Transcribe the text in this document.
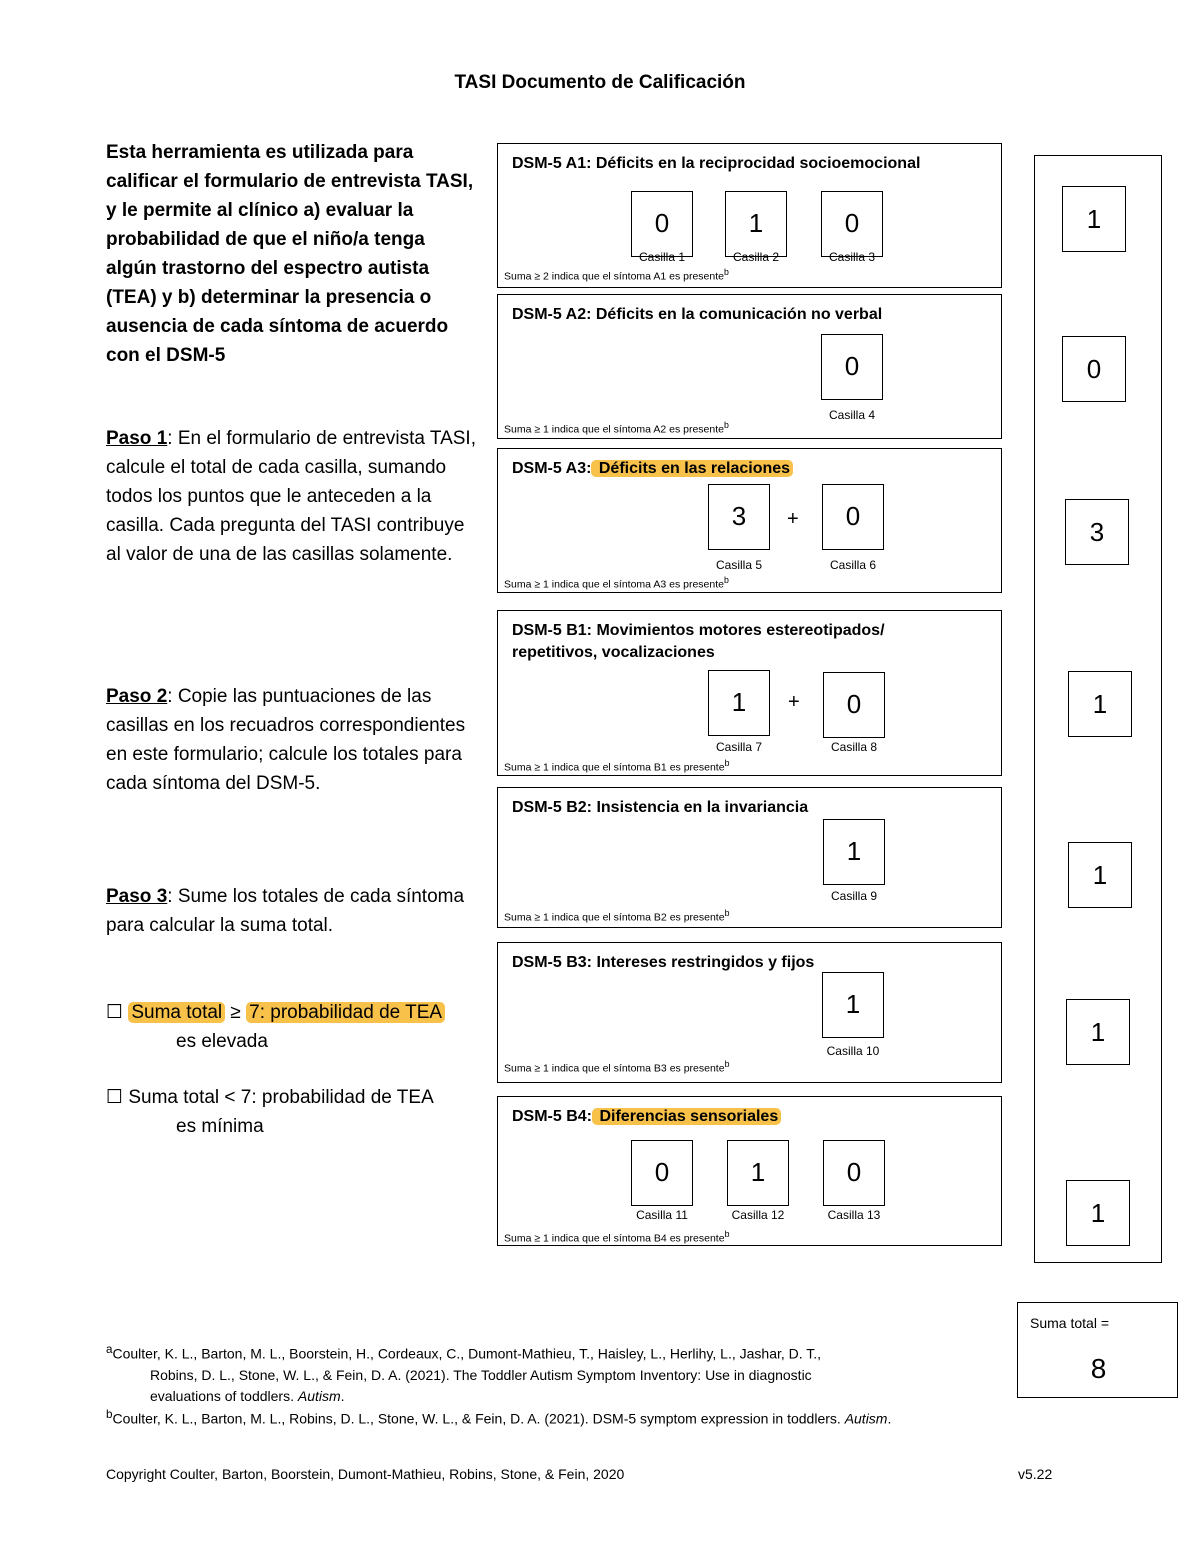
TASI Documento de Calificación
Esta herramienta es utilizada para calificar el formulario de entrevista TASI, y le permite al clínico a) evaluar la probabilidad de que el niño/a tenga algún trastorno del espectro autista (TEA) y b) determinar la presencia o ausencia de cada síntoma de acuerdo con el DSM-5
Paso 1: En el formulario de entrevista TASI, calcule el total de cada casilla, sumando todos los puntos que le anteceden a la casilla. Cada pregunta del TASI contribuye al valor de una de las casillas solamente.
Paso 2: Copie las puntuaciones de las casillas en los recuadros correspondientes en este formulario; calcule los totales para cada síntoma del DSM-5.
Paso 3: Sume los totales de cada síntoma para calcular la suma total.
☐ Suma total ≥ 7: probabilidad de TEA
es elevada
☐ Suma total < 7: probabilidad de TEA
es mínima
DSM-5 A1: Déficits en la reciprocidad socioemocional
0
Casilla 1
1
Casilla 2
0
Casilla 3
Suma ≥ 2 indica que el síntoma A1 es presente$^b$
DSM-5 A2: Déficits en la comunicación no verbal
0
Casilla 4
Suma ≥ 1 indica que el síntoma A2 es presente$^b$
DSM-5 A3: Déficits en las relaciones
3
Casilla 5
+	0
Casilla 6
Suma ≥ 1 indica que el síntoma A3 es presente$^b$
DSM-5 B1: Movimientos motores estereotipados/
repetitivos, vocalizaciones
1
Casilla 7
+	0
Casilla 8
Suma ≥ 1 indica que el síntoma B1 es presente$^b$
DSM-5 B2: Insistencia en la invariancia
1
Casilla 9
Suma ≥ 1 indica que el síntoma B2 es presente$^b$
DSM-5 B3: Intereses restringidos y fijos
1
Casilla 10
Suma ≥ 1 indica que el síntoma B3 es presente$^b$
DSM-5 B4: Diferencias sensoriales
0
Casilla 11
1
Casilla 12
0
Casilla 13
Suma ≥ 1 indica que el síntoma B4 es presente$^b$
1
0
3
1
1
1
1
Suma total =
8
$^a$Coulter, K. L., Barton, M. L., Boorstein, H., Cordeaux, C., Dumont-Mathieu, T., Haisley, L., Herlihy, L., Jashar, D. T.,
Robins, D. L., Stone, W. L., & Fein, D. A. (2021). The Toddler Autism Symptom Inventory: Use in diagnostic
evaluations of toddlers. Autism.
$^b$Coulter, K. L., Barton, M. L., Robins, D. L., Stone, W. L., & Fein, D. A. (2021). DSM-5 symptom expression in toddlers. Autism.
Copyright Coulter, Barton, Boorstein, Dumont-Mathieu, Robins, Stone, & Fein, 2020	v5.22
